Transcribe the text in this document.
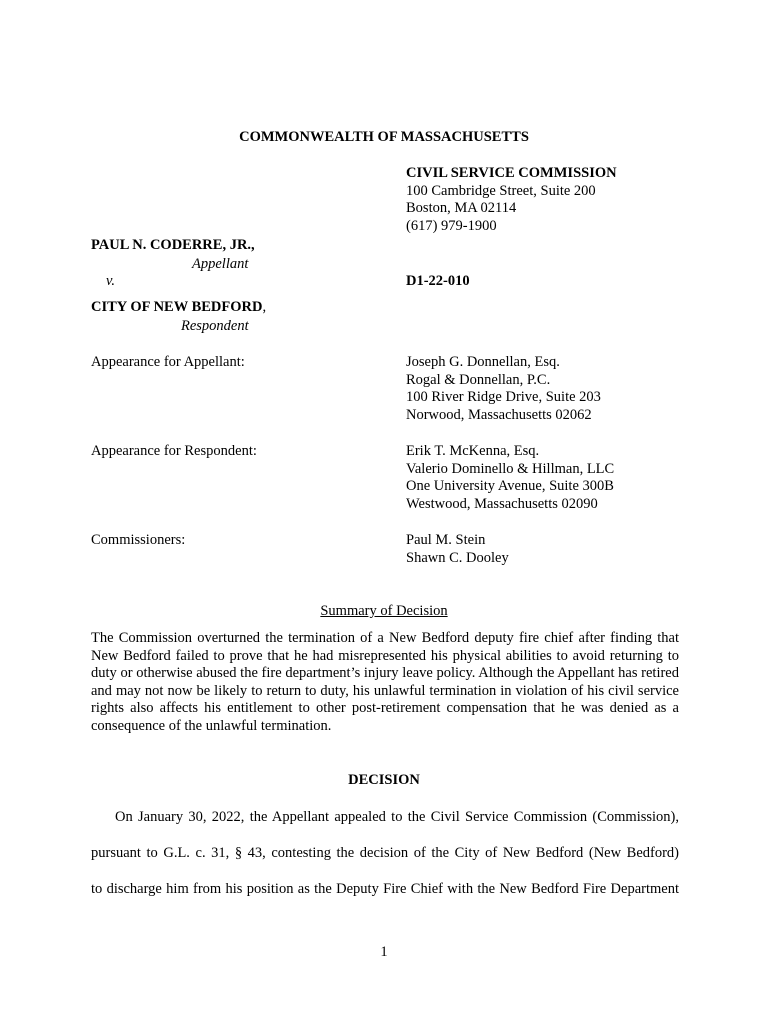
COMMONWEALTH OF MASSACHUSETTS
CIVIL SERVICE COMMISSION
100 Cambridge Street, Suite 200
Boston, MA 02114
(617) 979-1900
PAUL N. CODERRE, JR.,
Appellant
v.	D1-22-010
CITY OF NEW BEDFORD,
Respondent
Appearance for Appellant:	Joseph G. Donnellan, Esq.
Rogal & Donnellan, P.C.
100 River Ridge Drive, Suite 203
Norwood, Massachusetts 02062
Appearance for Respondent:	Erik T. McKenna, Esq.
Valerio Dominello & Hillman, LLC
One University Avenue, Suite 300B
Westwood, Massachusetts 02090
Commissioners:	Paul M. Stein
Shawn C. Dooley
Summary of Decision
The Commission overturned the termination of a New Bedford deputy fire chief after finding that New Bedford failed to prove that he had misrepresented his physical abilities to avoid returning to duty or otherwise abused the fire department’s injury leave policy. Although the Appellant has retired and may not now be likely to return to duty, his unlawful termination in violation of his civil service rights also affects his entitlement to other post-retirement compensation that he was denied as a consequence of the unlawful termination.
DECISION
On January 30, 2022, the Appellant appealed to the Civil Service Commission (Commission),
pursuant to G.L. c. 31, § 43, contesting the decision of the City of New Bedford (New Bedford)
to discharge him from his position as the Deputy Fire Chief with the New Bedford Fire Department
1
